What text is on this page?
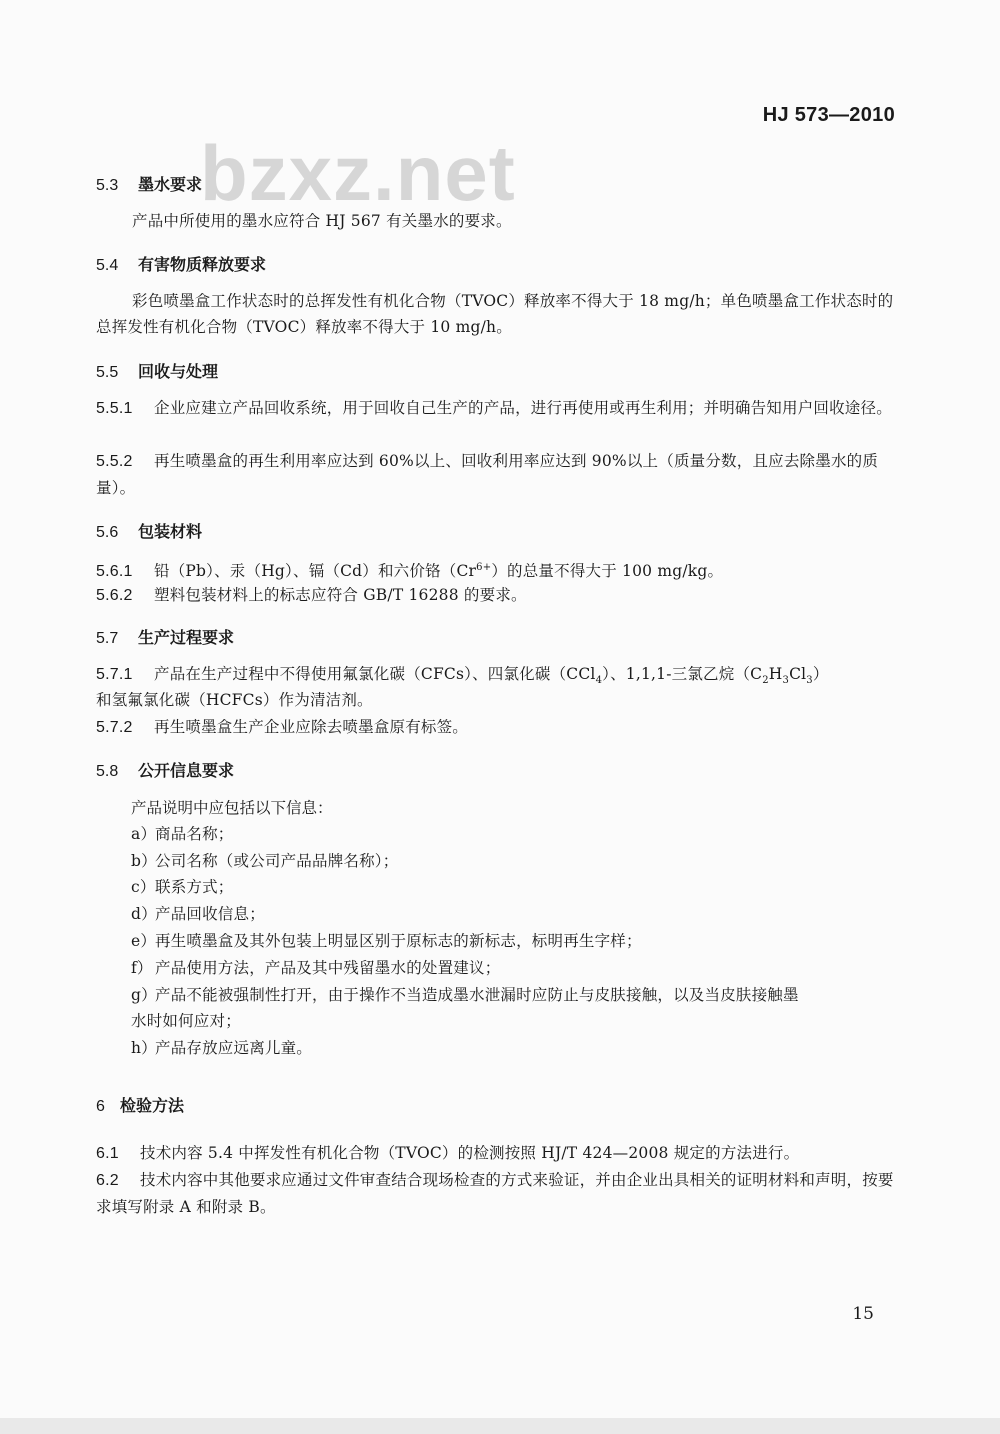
bzxz.net
HJ 573—2010
5.3 墨水要求
产品中所使用的墨水应符合 HJ 567 有关墨水的要求。
5.4 有害物质释放要求
彩色喷墨盒工作状态时的总挥发性有机化合物（TVOC）释放率不得大于 18 mg/h；单色喷墨盒工作状态时的总挥发性有机化合物（TVOC）释放率不得大于 10 mg/h。
5.5 回收与处理
5.5.1 企业应建立产品回收系统，用于回收自己生产的产品，进行再使用或再生利用；并明确告知用户回收途径。
5.5.2 再生喷墨盒的再生利用率应达到 60%以上、回收利用率应达到 90%以上（质量分数，且应去除墨水的质量）。
5.6 包装材料
5.6.1 铅（Pb）、汞（Hg）、镉（Cd）和六价铬$(Cr^{6+})$的总量不得大于 100 mg/kg。
5.6.2 塑料包装材料上的标志应符合 GB/T 16288 的要求。
5.7 生产过程要求
5.7.1 产品在生产过程中不得使用氟氯化碳（CFCs）、四氯化碳（CCl$_4$）、1,1,1-三氯乙烷$(C_2H_3Cl_3)$
和氢氟氯化碳（HCFCs）作为清洁剂。
5.7.2 再生喷墨盒生产企业应除去喷墨盒原有标签。
5.8 公开信息要求
产品说明中应包括以下信息：
a）商品名称；
b）公司名称（或公司产品品牌名称）；
c）联系方式；
d）产品回收信息；
e）再生喷墨盒及其外包装上明显区别于原标志的新标志，标明再生字样；
f） 产品使用方法，产品及其中残留墨水的处置建议；
g）产品不能被强制性打开，由于操作不当造成墨水泄漏时应防止与皮肤接触，以及当皮肤接触墨
水时如何应对；
h）产品存放应远离儿童。
6 检验方法
6.1 技术内容 5.4 中挥发性有机化合物（TVOC）的检测按照 HJ/T 424—2008 规定的方法进行。
6.2 技术内容中其他要求应通过文件审查结合现场检查的方式来验证，并由企业出具相关的证明材料和声明，按要求填写附录 A 和附录 B。
15
